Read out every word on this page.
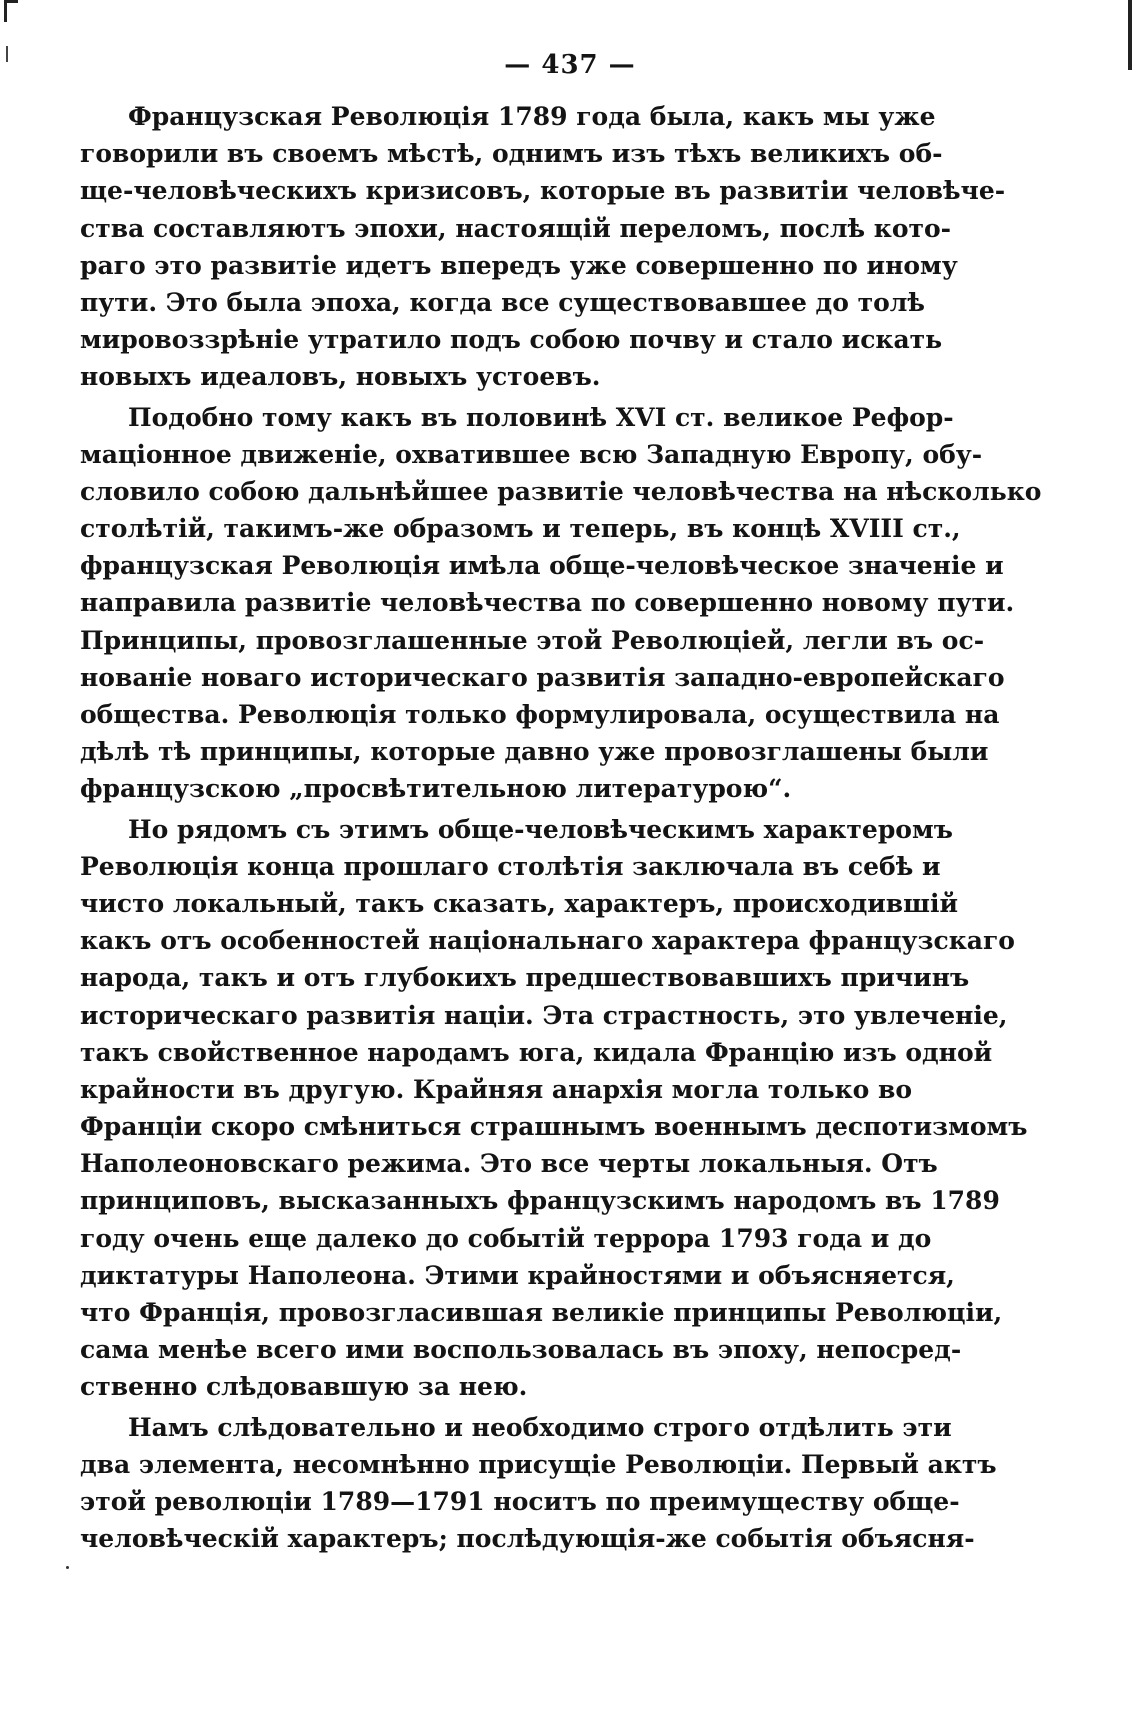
— 437 —
Французская Революція 1789 года была, какъ мы уже
говорили въ своемъ мѣстѣ, однимъ изъ тѣхъ великихъ об-
ще-человѣческихъ кризисовъ, которые въ развитіи человѣче-
ства составляютъ эпохи, настоящій переломъ, послѣ кото-
раго это развитіе идетъ впередъ уже совершенно по иному
пути. Это была эпоха, когда все существовавшее до толѣ
мировоззрѣніе утратило подъ собою почву и стало искать
новыхъ идеаловъ, новыхъ устоевъ.
Подобно тому какъ въ половинѣ XVI ст. великое Рефор-
маціонное движеніе, охватившее всю Западную Европу, обу-
словило собою дальнѣйшее развитіе человѣчества на нѣсколько
столѣтій, такимъ-же образомъ и теперь, въ концѣ XVIII ст.,
французская Революція имѣла обще-человѣческое значеніе и
направила развитіе человѣчества по совершенно новому пути.
Принципы, провозглашенные этой Революціей, легли въ ос-
нованіе новаго историческаго развитія западно-европейскаго
общества. Революція только формулировала, осуществила на
дѣлѣ тѣ принципы, которые давно уже провозглашены были
французскою „просвѣтительною литературою“.
Но рядомъ съ этимъ обще-человѣческимъ характеромъ
Революція конца прошлаго столѣтія заключала въ себѣ и
чисто локальный, такъ сказать, характеръ, происходившій
какъ отъ особенностей національнаго характера французскаго
народа, такъ и отъ глубокихъ предшествовавшихъ причинъ
историческаго развитія націи. Эта страстность, это увлеченіе,
такъ свойственное народамъ юга, кидала Францію изъ одной
крайности въ другую. Крайняя анархія могла только во
Франціи скоро смѣниться страшнымъ военнымъ деспотизмомъ
Наполеоновскаго режима. Это все черты локальныя. Отъ
принциповъ, высказанныхъ французскимъ народомъ въ 1789
году очень еще далеко до событій террора 1793 года и до
диктатуры Наполеона. Этими крайностями и объясняется,
что Франція, провозгласившая великіе принципы Революціи,
сама менѣе всего ими воспользовалась въ эпоху, непосред-
ственно слѣдовавшую за нею.
Намъ слѣдовательно и необходимо строго отдѣлить эти
два элемента, несомнѣнно присущіе Революціи. Первый актъ
этой революціи 1789—1791 носитъ по преимуществу обще-
человѣческій характеръ; послѣдующія-же событія объясня-
